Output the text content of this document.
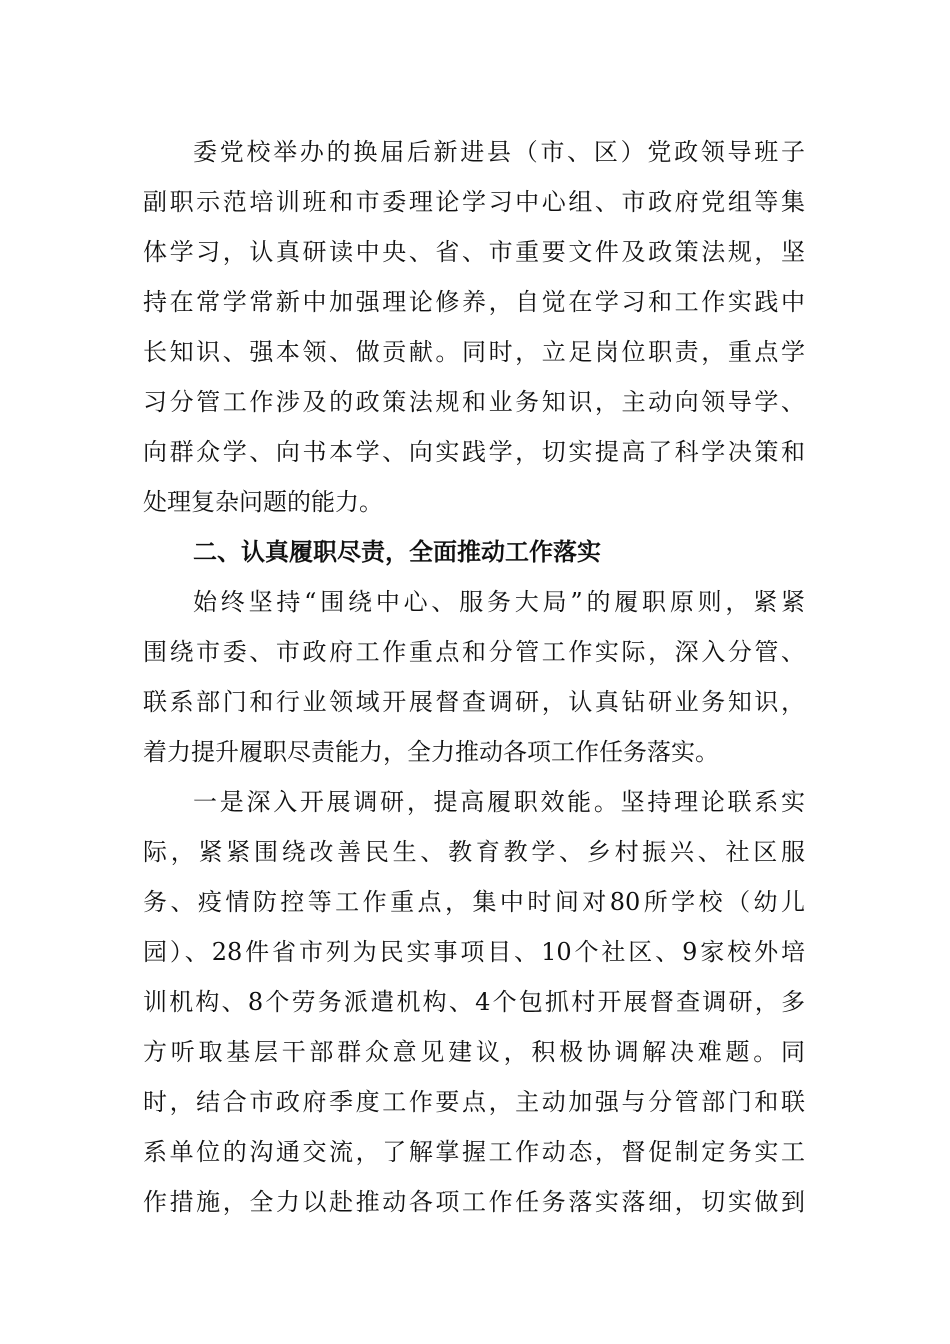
委党校举办的换届后新进县（市、区）党政领导班子
副职示范培训班和市委理论学习中心组、市政府党组等集
体学习，认真研读中央、省、市重要文件及政策法规，坚
持在常学常新中加强理论修养，自觉在学习和工作实践中
长知识、强本领、做贡献。同时，立足岗位职责，重点学
习分管工作涉及的政策法规和业务知识，主动向领导学、
向群众学、向书本学、向实践学，切实提高了科学决策和
处理复杂问题的能力。
二、认真履职尽责，全面推动工作落实
始终坚持“围绕中心、服务大局”的履职原则，紧紧
围绕市委、市政府工作重点和分管工作实际，深入分管、
联系部门和行业领域开展督查调研，认真钻研业务知识，
着力提升履职尽责能力，全力推动各项工作任务落实。
一是深入开展调研，提高履职效能。坚持理论联系实
际，紧紧围绕改善民生、教育教学、乡村振兴、社区服
务、疫情防控等工作重点，集中时间对80所学校（幼儿
园）、28件省市列为民实事项目、10个社区、9家校外培
训机构、8个劳务派遣机构、4个包抓村开展督查调研，多
方听取基层干部群众意见建议，积极协调解决难题。同
时，结合市政府季度工作要点，主动加强与分管部门和联
系单位的沟通交流，了解掌握工作动态，督促制定务实工
作措施，全力以赴推动各项工作任务落实落细，切实做到
